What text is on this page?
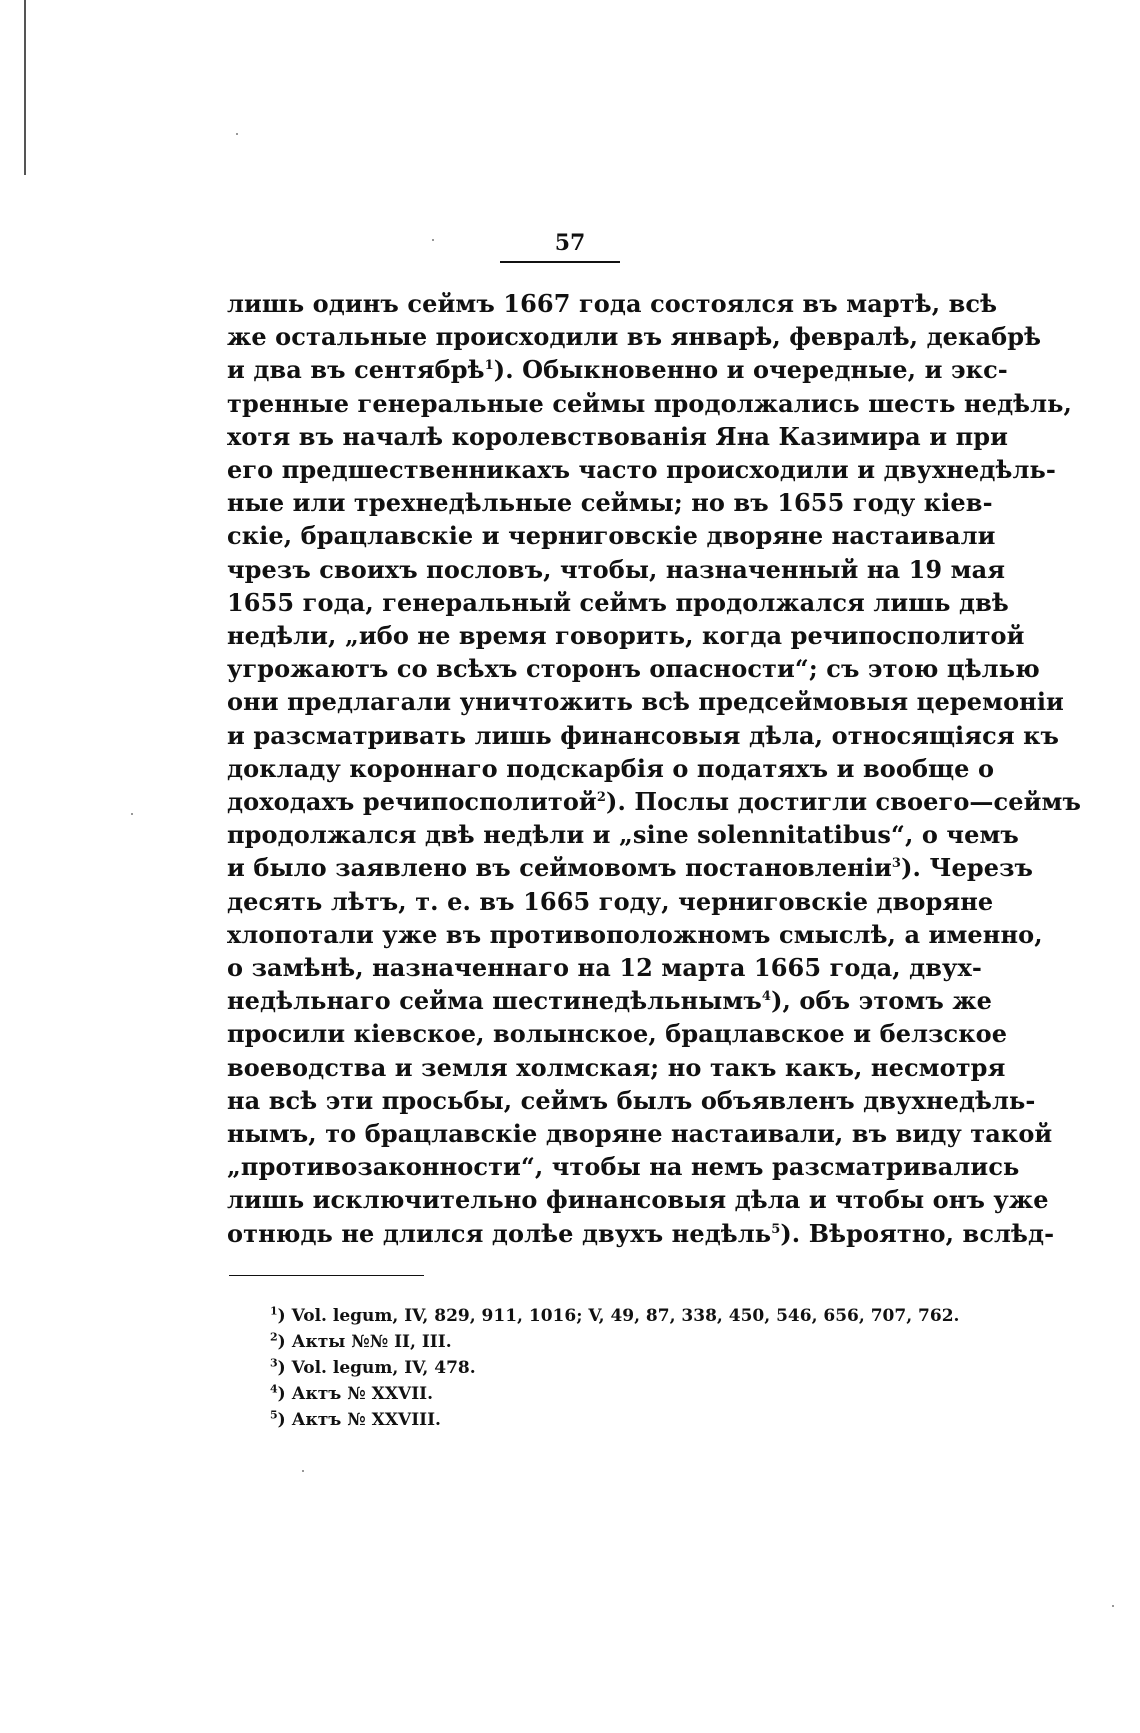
57
лишь одинъ сеймъ 1667 года состоялся въ мартѣ, всѣ
же остальные происходили въ январѣ, февралѣ, декабрѣ
и два въ сентябрѣ$^1$). Обыкновенно и очередные, и экс-
тренные генеральные сеймы продолжались шесть недѣль,
хотя въ началѣ королевствованія Яна Казимира и при
его предшественникахъ часто происходили и двухнедѣль-
ные или трехнедѣльные сеймы; но въ 1655 году кіев-
скіе, брацлавскіе и черниговскіе дворяне настаивали
чрезъ своихъ пословъ, чтобы, назначенный на 19 мая
1655 года, генеральный сеймъ продолжался лишь двѣ
недѣли, „ибо не время говорить, когда речипосполитой
угрожаютъ со всѣхъ сторонъ опасности“; съ этою цѣлью
они предлагали уничтожить всѣ предсеймовыя церемоніи
и разсматривать лишь финансовыя дѣла, относящіяся къ
докладу короннаго подскарбія о податяхъ и вообще о
доходахъ речипосполитой$^2$). Послы достигли своего—сеймъ
продолжался двѣ недѣли и „sine solennitatibus“, о чемъ
и было заявлено въ сеймовомъ постановленіи$^3$). Черезъ
десять лѣтъ, т. е. въ 1665 году, черниговскіе дворяне
хлопотали уже въ противоположномъ смыслѣ, а именно,
о замѣнѣ, назначеннаго на 12 марта 1665 года, двух-
недѣльнаго сейма шестинедѣльнымъ$^4$), объ этомъ же
просили кіевское, волынское, брацлавское и белзское
воеводства и земля холмская; но такъ какъ, несмотря
на всѣ эти просьбы, сеймъ былъ объявленъ двухнедѣль-
нымъ, то брацлавскіе дворяне настаивали, въ виду такой
„противозаконности“, чтобы на немъ разсматривались
лишь исключительно финансовыя дѣла и чтобы онъ уже
отнюдь не длился долѣе двухъ недѣль$^5$). Вѣроятно, вслѣд-
$^1$) Vol. legum, IV, 829, 911, 1016; V, 49, 87, 338, 450, 546, 656, 707, 762.
$^2$) Акты №№ II, III.
$^3$) Vol. legum, IV, 478.
$^4$) Актъ № XXVII.
$^5$) Актъ № XXVIII.
